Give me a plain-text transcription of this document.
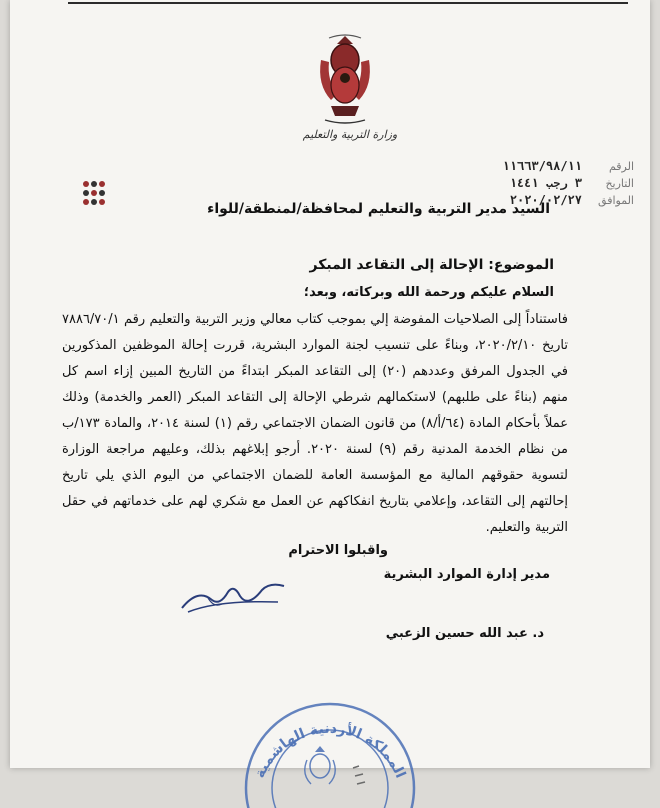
وزارة التربية والتعليم
الرقم
١١٦٦٣/٩٨/١١
التاريخ
٣ رجب ١٤٤١
الموافق
٢٠٢٠/٠٢/٢٧
السيد مدير التربية والتعليم لمحافظة/لمنطقة/للواء
الموضوع: الإحالة إلى التقاعد المبكر
السلام عليكم ورحمة الله وبركاته، وبعد؛
فاستناداً إلى الصلاحيات المفوضة إلي بموجب كتاب معالي وزير التربية والتعليم رقم ٧٨٨٦/٧٠/١ تاريخ ٢٠٢٠/٢/١٠، وبناءً على تنسيب لجنة الموارد البشرية، قررت إحالة الموظفين المذكورين في الجدول المرفق وعددهم (٢٠) إلى التقاعد المبكر ابتداءً من التاريخ المبين إزاء اسم كل منهم (بناءً على طلبهم) لاستكمالهم شرطي الإحالة إلى التقاعد المبكر (العمر والخدمة) وذلك عملاً بأحكام المادة (٦٤/أ/٨) من قانون الضمان الاجتماعي رقم (١) لسنة ٢٠١٤، والمادة ١٧٣/ب من نظام الخدمة المدنية رقم (٩) لسنة ٢٠٢٠. أرجو إبلاغهم بذلك، وعليهم مراجعة الوزارة لتسوية حقوقهم المالية مع المؤسسة العامة للضمان الاجتماعي من اليوم الذي يلي تاريخ إحالتهم إلى التقاعد، وإعلامي بتاريخ انفكاكهم عن العمل مع شكري لهم على خدماتهم في حقل التربية والتعليم.
واقبلوا الاحترام
مدير إدارة الموارد البشرية
د. عبد الله حسين الزعبي
المملكة الأردنية الهاشمية
